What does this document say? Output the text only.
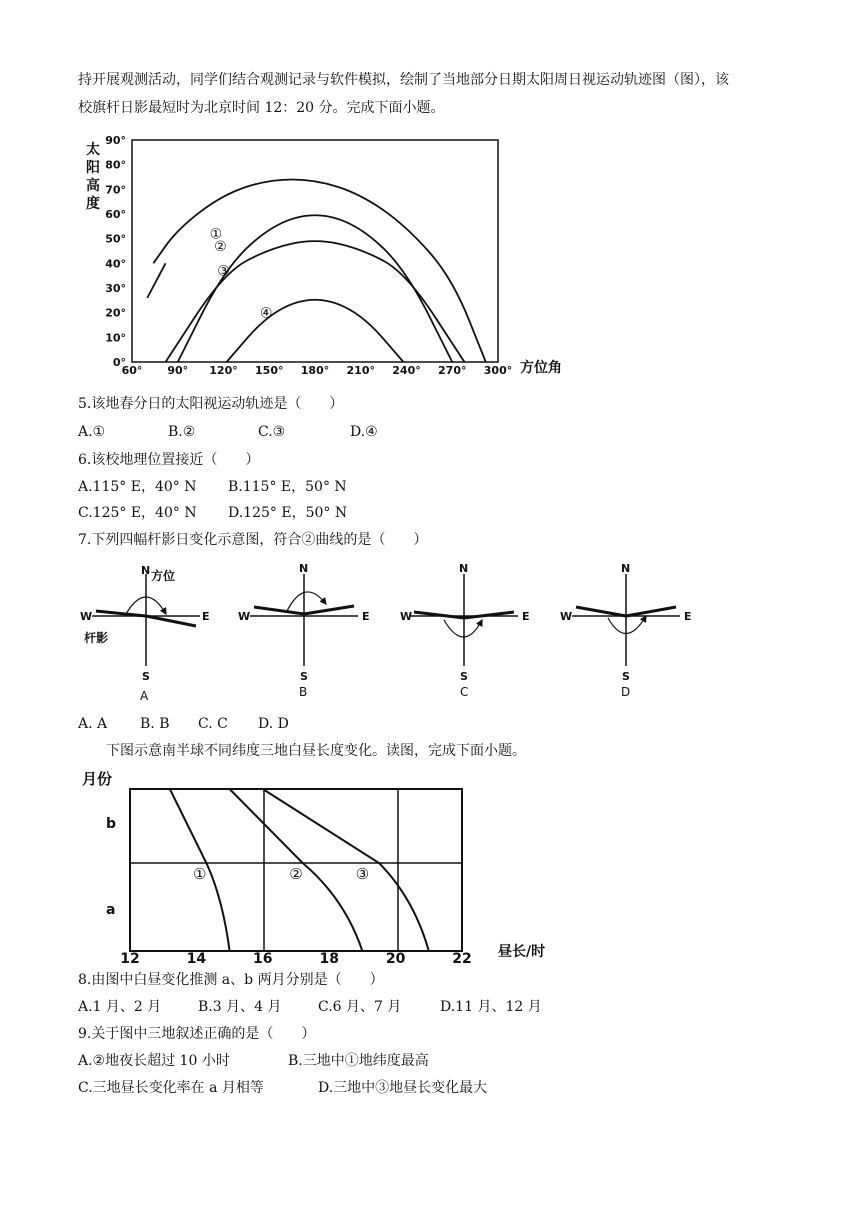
持开展观测活动，同学们结合观测记录与软件模拟，绘制了当地部分日期太阳周日视运动轨迹图（图），该
校旗杆日影最短时为北京时间 12：20 分。完成下面小题。
太
阳
高
度
0°
10°
20°
30°
40°
50°
60°
70°
80°
90°
60° 90° 120° 150° 180° 210° 240° 270° 300°
①
②
③
④
方位角
5.该地春分日的太阳视运动轨迹是（　　）
A.①	B.②	C.③	D.④
6.该校地理位置接近（　　）
A.115° E，40° N B.115° E，50° N
C.125° E，40° N D.125° E，50° N
7.下列四幅杆影日变化示意图，符合②曲线的是（　　）
N 方位
W	E
S
杆影
A
N
W	E
S
B
N
W	E
S
C
N
W	E
S
D
A. A B. B C. C D. D
下图示意南半球不同纬度三地白昼长度变化。读图，完成下面小题。
月份
b
a
12	14	16	18	20	22
①	②	③
昼长/时
8.由图中白昼变化推测 a、b 两月分别是（　　）
A.1 月、2 月	B.3 月、4 月	C.6 月、7 月	D.11 月、12 月
9.关于图中三地叙述正确的是（　　）
A.②地夜长超过 10 小时	B.三地中①地纬度最高
C.三地昼长变化率在 a 月相等	D.三地中③地昼长变化最大
